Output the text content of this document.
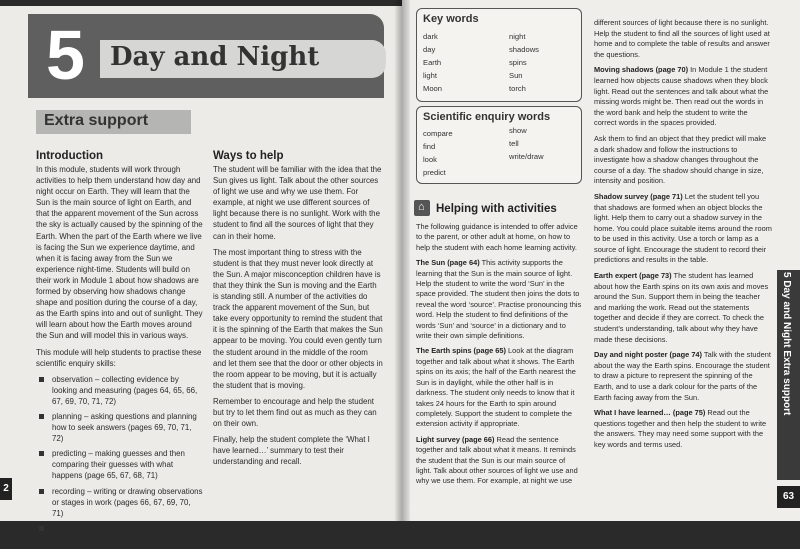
5 Day and Night
Extra support
Introduction

In this module, students will work through activities to help them understand how day and night occur on Earth. They will learn that the Sun is the main source of light on Earth, and that the apparent movement of the Sun across the sky is actually caused by the spinning of the Earth. When the part of the Earth where we live is facing the Sun we experience daytime, and when it is facing away from the Sun we experience night-time. Students will build on their work in Module 1 about how shadows are formed by observing how shadows change shape and position during the course of a day, as the Earth spins into and out of sunlight. They will learn about how the Earth moves around the Sun and will model this in various ways.

This module will help students to practise these scientific enquiry skills:

observation – collecting evidence by looking and measuring (pages 64, 65, 66, 67, 69, 70, 71, 72)
planning – asking questions and planning how to seek answers (pages 69, 70, 71, 72)
predicting – making guesses and then comparing their guesses with what happens (page 65, 67, 68, 71)
recording – writing or drawing observations or stages in work (pages 66, 67, 69, 70, 71)
making comparisons – comparing sets of evidence or data (pages 66, 69, 70, 71).
Ways to help

The student will be familiar with the idea that the Sun gives us light. Talk about the other sources of light we use and why we use them. For example, at night we use different sources of light because there is no sunlight. Work with the student to find all the sources of light that they can in their home.

The most important thing to stress with the student is that they must never look directly at the Sun. A major misconception children have is that they think the Sun is moving and the Earth is standing still. A number of the activities do track the apparent movement of the Sun, but take every opportunity to remind the student that it is the spinning of the Earth that makes the Sun appear to be moving. You could even gently turn the student around in the middle of the room and let them see that the door or other objects in the room appear to be moving, but it is actually the student that is moving.

Remember to encourage and help the student but try to let them find out as much as they can on their own.

Finally, help the student complete the ‘What I have learned…’ summary to test their understanding and recall.

2
Key words
dark
day
Earth
light
Moon
night
shadows
spins
Sun
torch
Scientific enquiry words
compare
find
look
predict
show
tell
write/draw
⌂ Helping with activities

The following guidance is intended to offer advice to the parent, or other adult at home, on how to help the student with each home learning activity.

The Sun (page 64) This activity supports the learning that the Sun is the main source of light. Help the student to write the word ‘Sun’ in the space provided. The student then joins the dots to reveal the word ‘source’. Practise pronouncing this word. Help the student to find definitions of the words ‘Sun’ and ‘source’ in a dictionary and to write their own simple definitions.

The Earth spins (page 65) Look at the diagram together and talk about what it shows. The Earth spins on its axis; the half of the Earth nearest the Sun is in daylight, while the other half is in darkness. The student only needs to know that it takes 24 hours for the Earth to spin around completely. Support the student to complete the extension activity if appropriate.

Light survey (page 66) Read the sentence together and talk about what it means. It reminds the student that the Sun is our main source of light. Talk about other sources of light we use and why we use them. For example, at night we use

different sources of light because there is no sunlight. Help the student to find all the sources of light used at home and to complete the table of results and answer the questions.

Moving shadows (page 70) In Module 1 the student learned how objects cause shadows when they block light. Read out the sentences and talk about what the missing words might be. Then read out the words in the word bank and help the student to write the correct words in the spaces provided.

Ask them to find an object that they predict will make a dark shadow and follow the instructions to investigate how a shadow changes throughout the course of a day. The shadow should change in size, intensity and position.

Shadow survey (page 71) Let the student tell you that shadows are formed when an object blocks the light. Help them to carry out a shadow survey in the home. You could place suitable items around the room to be used in this activity. Use a torch or lamp as a source of light. Encourage the student to record their predictions and results in the table.

Earth expert (page 73) The student has learned about how the Earth spins on its own axis and moves around the Sun. Support them in being the teacher and marking the work. Read out the statements together and decide if they are correct. To check the student’s understanding, talk about why they have made these decisions.

Day and night poster (page 74) Talk with the student about the way the Earth spins. Encourage the student to draw a picture to represent the spinning of the Earth, and to use a dark colour for the parts of the Earth facing away from the Sun.

What I have learned… (page 75) Read out the questions together and then help the student to write the answers. They may need some support with the key words and terms used.

5 Day and Night Extra support
63
